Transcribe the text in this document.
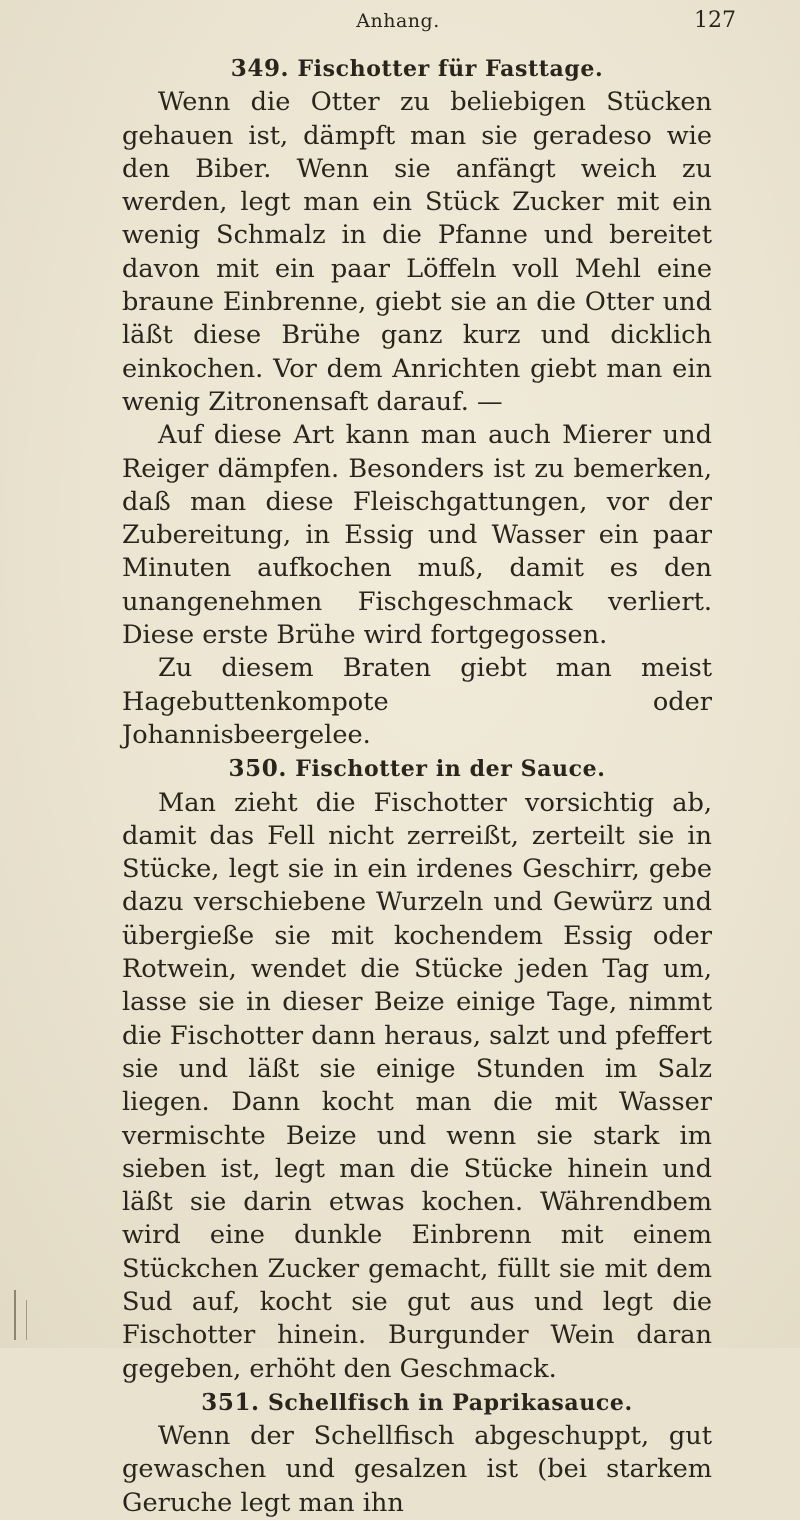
Anhang.	127
349. Fischotter für Fasttage.

Wenn die Otter zu beliebigen Stücken gehauen ist, dämpft man sie geradeso wie den Biber. Wenn sie anfängt weich zu werden, legt man ein Stück Zucker mit ein wenig Schmalz in die Pfanne und bereitet davon mit ein paar Löffeln voll Mehl eine braune Einbrenne, giebt sie an die Otter und läßt diese Brühe ganz kurz und dicklich einkochen. Vor dem Anrichten giebt man ein wenig Zitronensaft darauf. —

Auf diese Art kann man auch Mierer und Reiger dämpfen. Besonders ist zu bemerken, daß man diese Fleischgattungen, vor der Zubereitung, in Essig und Wasser ein paar Minuten aufkochen muß, damit es den unangenehmen Fischgeschmack verliert. Diese erste Brühe wird fortgegossen.

Zu diesem Braten giebt man meist Hagebuttenkompote oder Johannisbeergelee.

350. Fischotter in der Sauce.

Man zieht die Fischotter vorsichtig ab, damit das Fell nicht zerreißt, zerteilt sie in Stücke, legt sie in ein irdenes Geschirr, gebe dazu verschiebene Wurzeln und Gewürz und übergieße sie mit kochendem Essig oder Rotwein, wendet die Stücke jeden Tag um, lasse sie in dieser Beize einige Tage, nimmt die Fischotter dann heraus, salzt und pfeffert sie und läßt sie einige Stunden im Salz liegen. Dann kocht man die mit Wasser vermischte Beize und wenn sie stark im sieben ist, legt man die Stücke hinein und läßt sie darin etwas kochen. Währendbem wird eine dunkle Einbrenn mit einem Stückchen Zucker gemacht, füllt sie mit dem Sud auf, kocht sie gut aus und legt die Fischotter hinein. Burgunder Wein daran gegeben, erhöht den Geschmack.

351. Schellfisch in Paprikasauce.

Wenn der Schellfisch abgeschuppt, gut gewaschen und gesalzen ist (bei starkem Geruche legt man ihn
